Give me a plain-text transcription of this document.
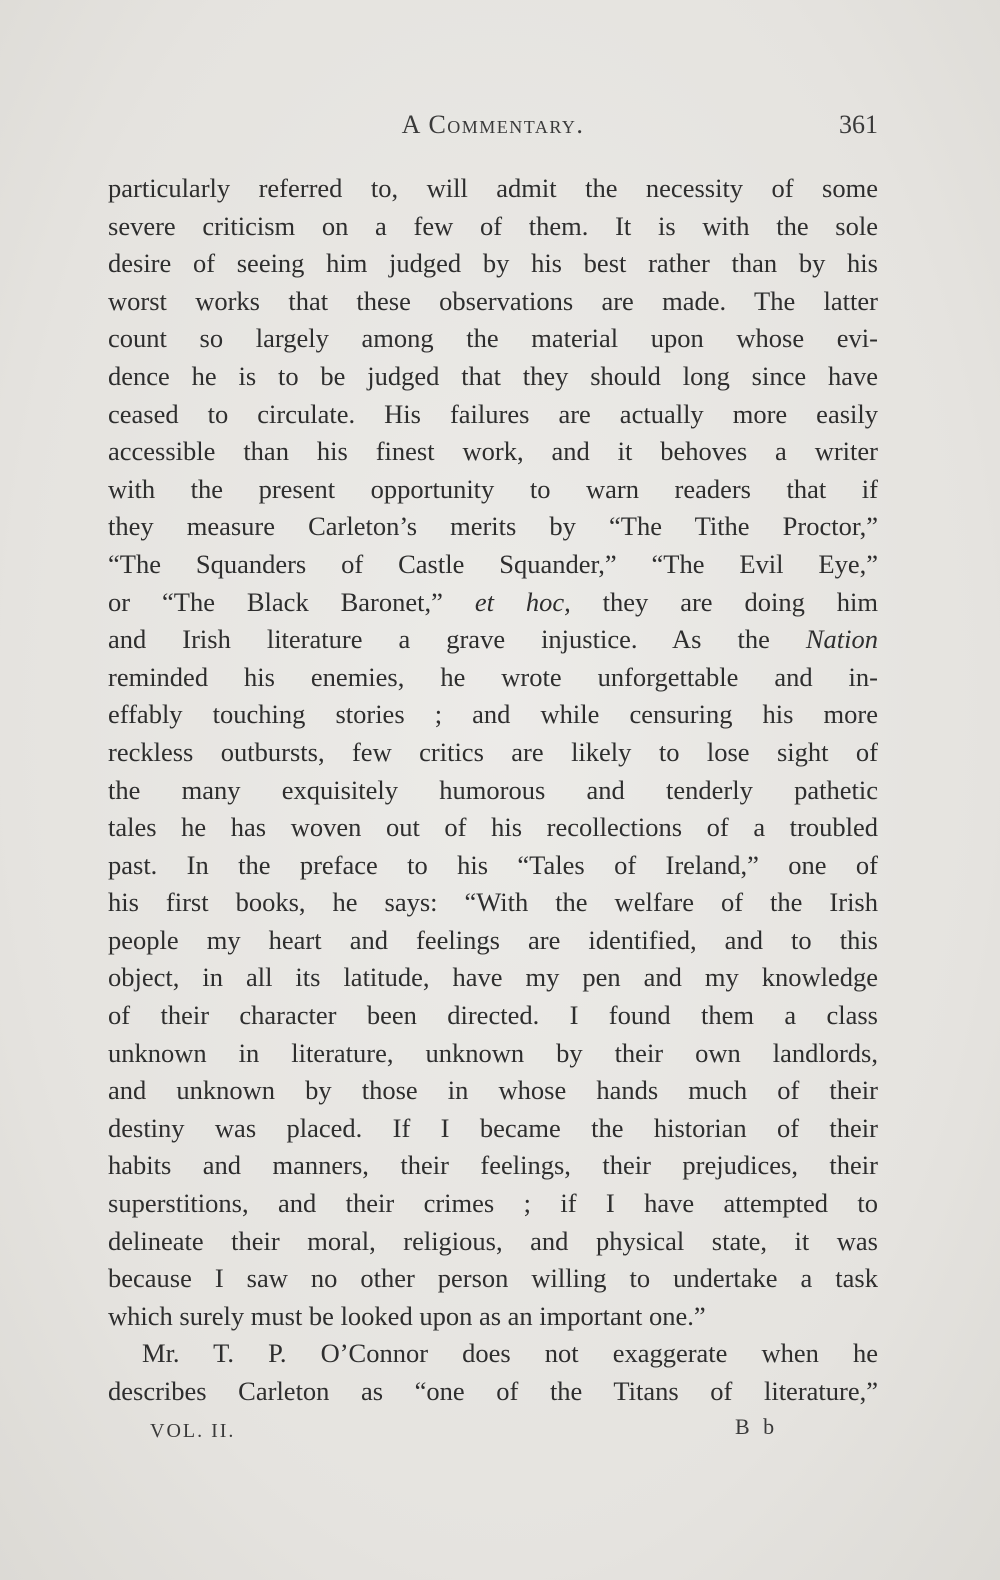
A Commentary.	361
particularly referred to, will admit the necessity of some
severe criticism on a few of them. It is with the sole
desire of seeing him judged by his best rather than by his
worst works that these observations are made. The latter
count so largely among the material upon whose evi-
dence he is to be judged that they should long since have
ceased to circulate. His failures are actually more easily
accessible than his finest work, and it behoves a writer
with the present opportunity to warn readers that if
they measure Carleton’s merits by “The Tithe Proctor,”
“The Squanders of Castle Squander,” “The Evil Eye,”
or “The Black Baronet,” et hoc, they are doing him
and Irish literature a grave injustice. As the Nation
reminded his enemies, he wrote unforgettable and in-
effably touching stories ; and while censuring his more
reckless outbursts, few critics are likely to lose sight of
the many exquisitely humorous and tenderly pathetic
tales he has woven out of his recollections of a troubled
past. In the preface to his “Tales of Ireland,” one of
his first books, he says: “With the welfare of the Irish
people my heart and feelings are identified, and to this
object, in all its latitude, have my pen and my knowledge
of their character been directed. I found them a class
unknown in literature, unknown by their own landlords,
and unknown by those in whose hands much of their
destiny was placed. If I became the historian of their
habits and manners, their feelings, their prejudices, their
superstitions, and their crimes ; if I have attempted to
delineate their moral, religious, and physical state, it was
because I saw no other person willing to undertake a task
which surely must be looked upon as an important one.”
Mr. T. P. O’Connor does not exaggerate when he
describes Carleton as “one of the Titans of literature,”
VOL. II.	B b
